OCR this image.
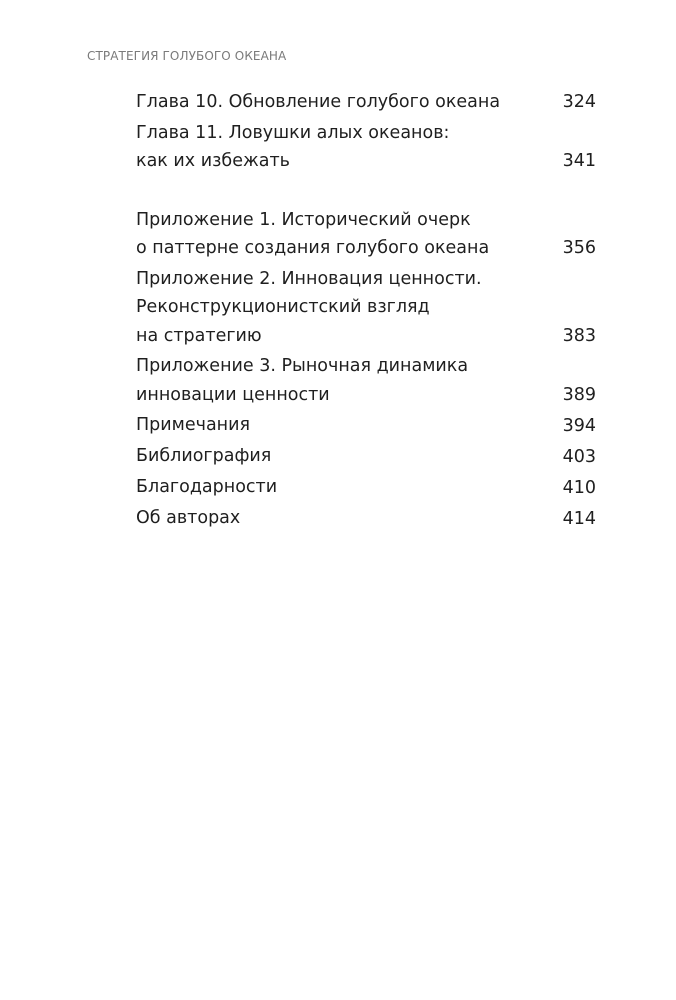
СТРАТЕГИЯ ГОЛУБОГО ОКЕАНА
Глава 10. Обновление голубого океана	324
Глава 11. Ловушки алых океанов:
как их избежать	341
Приложение 1. Исторический очерк
о паттерне создания голубого океана	356
Приложение 2. Инновация ценности.
Реконструкционистский взгляд
на стратегию	383
Приложение 3. Рыночная динамика
инновации ценности	389
Примечания	394
Библиография	403
Благодарности	410
Об авторах	414
